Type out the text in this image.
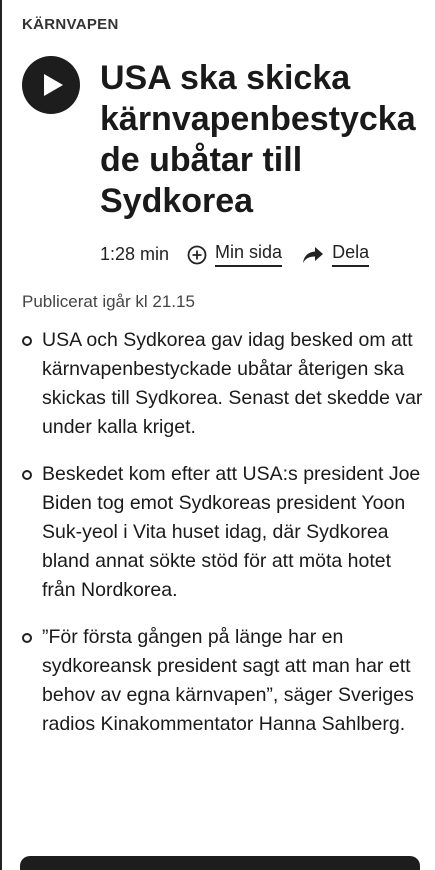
KÄRNVAPEN
USA ska skicka kärnvapenbestycka de ubåtar till Sydkorea
1:28 min	Min sida	Dela
Publicerat igår kl 21.15
USA och Sydkorea gav idag besked om att kärnvapenbestyckade ubåtar återigen ska skickas till Sydkorea. Senast det skedde var under kalla kriget.
Beskedet kom efter att USA:s president Joe Biden tog emot Sydkoreas president Yoon Suk-yeol i Vita huset idag, där Sydkorea bland annat sökte stöd för att möta hotet från Nordkorea.
”För första gången på länge har en sydkoreansk president sagt att man har ett behov av egna kärnvapen”, säger Sveriges radios Kinakommentator Hanna Sahlberg.
